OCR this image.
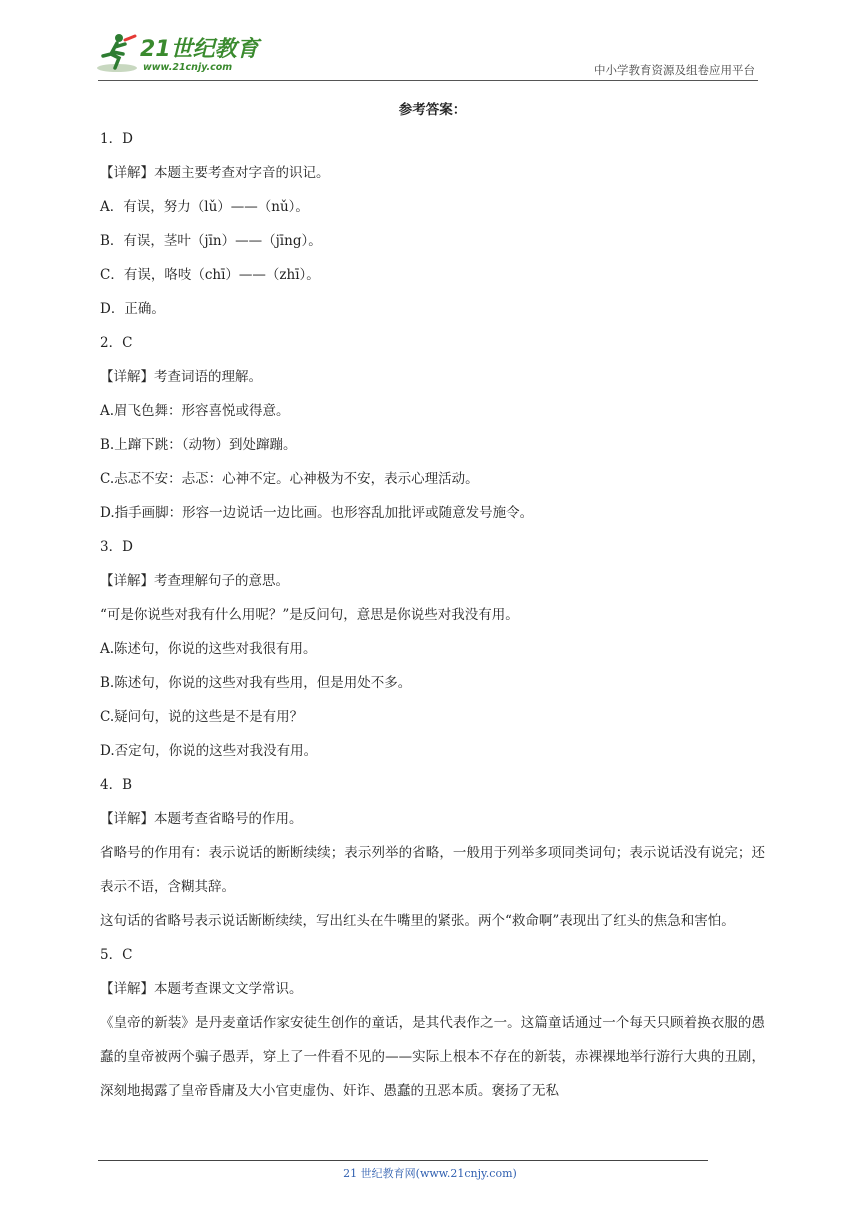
21世纪教育
www.21cnjy.com	中小学教育资源及组卷应用平台
参考答案：

1．D

【详解】本题主要考查对字音的识记。

A．有误，努力（lǔ）——（nǔ）。

B．有误，茎叶（jīn）——（jīng）。

C．有误，咯吱（chī）——（zhī）。

D．正确。

2．C

【详解】考查词语的理解。

A.眉飞色舞：形容喜悦或得意。

B.上蹿下跳：（动物）到处蹿蹦。

C.忐忑不安：忐忑：心神不定。心神极为不安，表示心理活动。

D.指手画脚：形容一边说话一边比画。也形容乱加批评或随意发号施令。

3．D

【详解】考查理解句子的意思。

“可是你说些对我有什么用呢？”是反问句，意思是你说些对我没有用。

A.陈述句，你说的这些对我很有用。

B.陈述句，你说的这些对我有些用，但是用处不多。

C.疑问句，说的这些是不是有用？

D.否定句，你说的这些对我没有用。

4．B

【详解】本题考查省略号的作用。

省略号的作用有：表示说话的断断续续；表示列举的省略，一般用于列举多项同类词句；表示说话没有说完；还表示不语，含糊其辞。

这句话的省略号表示说话断断续续，写出红头在牛嘴里的紧张。两个“救命啊”表现出了红头的焦急和害怕。

5．C

【详解】本题考查课文文学常识。

《皇帝的新装》是丹麦童话作家安徒生创作的童话，是其代表作之一。这篇童话通过一个每天只顾着换衣服的愚蠢的皇帝被两个骗子愚弄，穿上了一件看不见的——实际上根本不存在的新装，赤裸裸地举行游行大典的丑剧，深刻地揭露了皇帝昏庸及大小官吏虚伪、奸诈、愚蠢的丑恶本质。褒扬了无私

21 世纪教育网(www.21cnjy.com)
